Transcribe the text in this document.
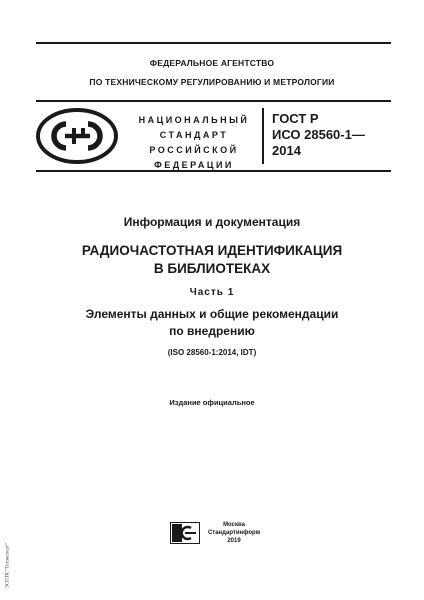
ФЕДЕРАЛЬНОЕ АГЕНТСТВО
ПО ТЕХНИЧЕСКОМУ РЕГУЛИРОВАНИЮ И МЕТРОЛОГИИ
НАЦИОНАЛЬНЫЙ
СТАНДАРТ
РОССИЙСКОЙ
ФЕДЕРАЦИИ
ГОСТ Р
ИСО 28560-1—
2014
Информация и документация
РАДИОЧАСТОТНАЯ ИДЕНТИФИКАЦИЯ
В БИБЛИОТЕКАХ
Часть 1
Элементы данных и общие рекомендации
по внедрению
(ISO 28560-1:2014, IDT)
Издание официальное
Москва
Стандартинформ
2019
ЭСПТК "Техэксперт"
